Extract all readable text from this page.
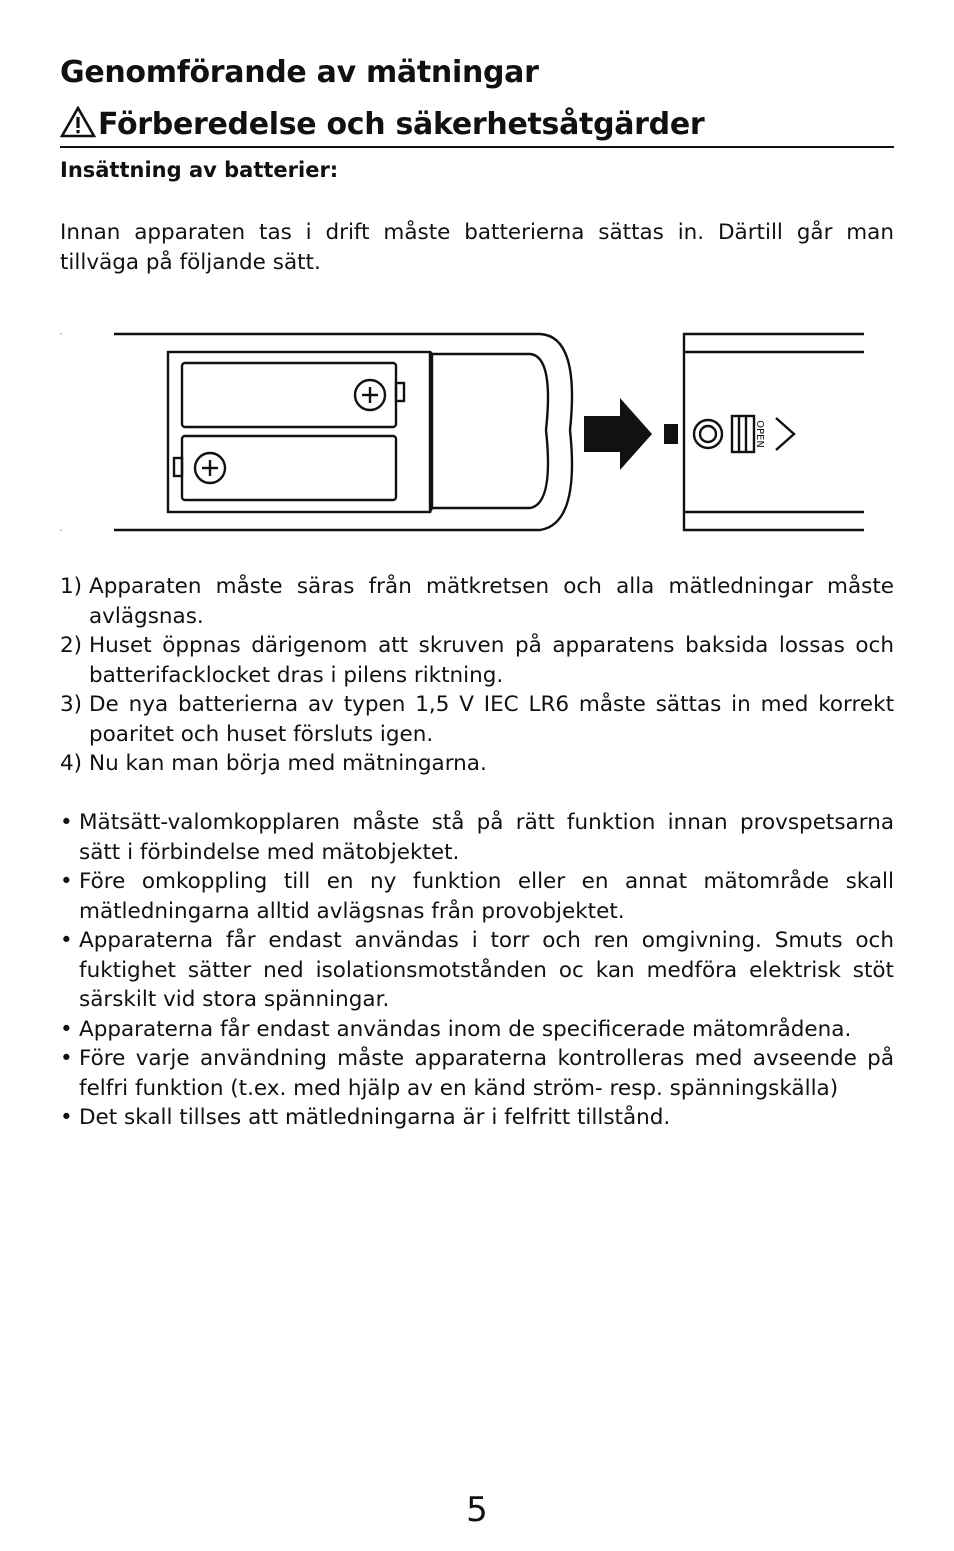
Genomförande av mätningar
Förberedelse och säkerhetsåtgärder
Insättning av batterier:
Innan apparaten tas i drift måste batterierna sättas in. Därtill går man tillväga på följande sätt.
OPEN
1) Apparaten måste säras från mätkretsen och alla mätledningar måste avlägsnas.
2) Huset öppnas därigenom att skruven på apparatens baksida lossas och batterifacklocket dras i pilens riktning.
3) De nya batterierna av typen 1,5 V IEC LR6 måste sättas in med korrekt poaritet och huset försluts igen.
4) Nu kan man börja med mätningarna.
• Mätsätt-valomkopplaren måste stå på rätt funktion innan provspetsarna sätt i förbindelse med mätobjektet.
• Före omkoppling till en ny funktion eller en annat mätområde skall mätledningarna alltid avlägsnas från provobjektet.
• Apparaterna får endast användas i torr och ren omgivning. Smuts och fuktighet sätter ned isolationsmotstånden oc kan medföra elektrisk stöt särskilt vid stora spänningar.
• Apparaterna får endast användas inom de specificerade mätområdena.
• Före varje användning måste apparaterna kontrolleras med avseende på felfri funktion (t.ex. med hjälp av en känd ström- resp. spänningskälla)
• Det skall tillses att mätledningarna är i felfritt tillstånd.
5
